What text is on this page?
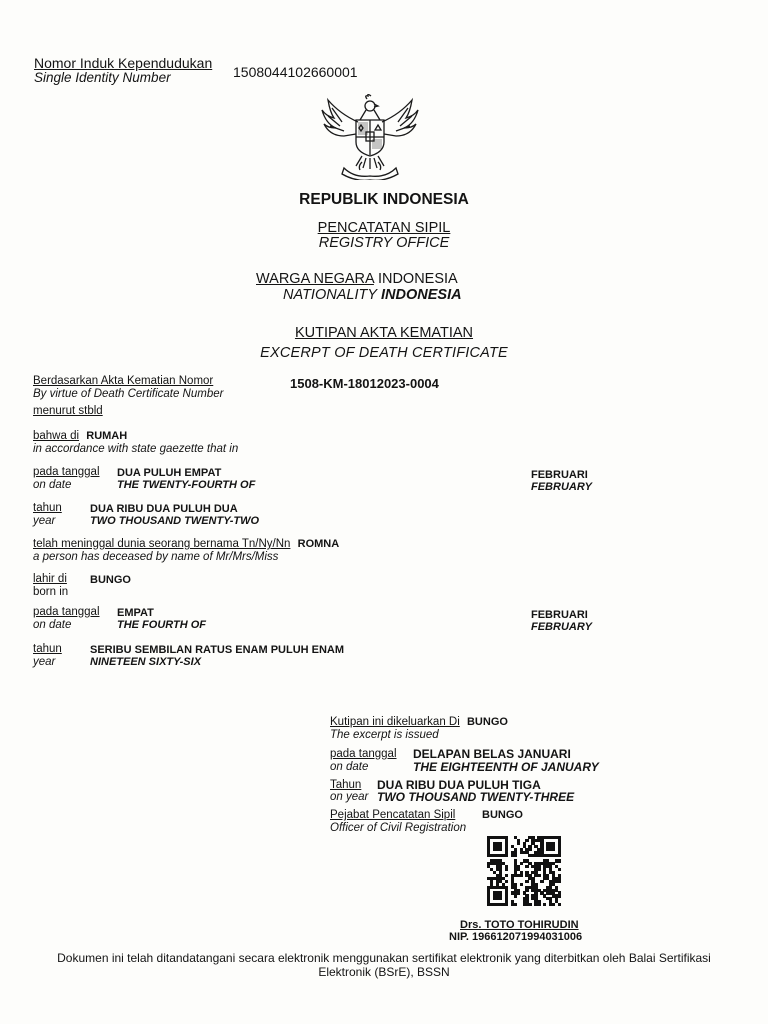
Nomor Induk Kependudukan
Single Identity Number	1508044102660001
REPUBLIK INDONESIA
PENCATATAN SIPIL
REGISTRY OFFICE
WARGA NEGARA INDONESIA
NATIONALITY INDONESIA
KUTIPAN AKTA KEMATIAN
EXCERPT OF DEATH CERTIFICATE
Berdasarkan Akta Kematian Nomor
By virtue of Death Certificate Number
1508-KM-18012023-0004
menurut stbld
bahwa di RUMAH
in accordance with state gaezette that in
pada tanggal
on date
DUA PULUH EMPAT
THE TWENTY-FOURTH OF
FEBRUARI
FEBRUARY
tahun
year
DUA RIBU DUA PULUH DUA
TWO THOUSAND TWENTY-TWO
telah meninggal dunia seorang bernama Tn/Ny/Nn ROMNA
a person has deceased by name of Mr/Mrs/Miss
lahir di
born in
BUNGO
pada tanggal
on date
EMPAT
THE FOURTH OF
FEBRUARI
FEBRUARY
tahun
year
SERIBU SEMBILAN RATUS ENAM PULUH ENAM
NINETEEN SIXTY-SIX
Kutipan ini dikeluarkan Di BUNGO
The excerpt is issued
pada tanggal
on date
DELAPAN BELAS JANUARI
THE EIGHTEENTH OF JANUARY
Tahun
on year
DUA RIBU DUA PULUH TIGA
TWO THOUSAND TWENTY-THREE
Pejabat Pencatatan Sipil BUNGO
Officer of Civil Registration
Drs. TOTO TOHIRUDIN
NIP. 196612071994031006
Dokumen ini telah ditandatangani secara elektronik menggunakan sertifikat elektronik yang diterbitkan oleh Balai Sertifikasi
Elektronik (BSrE), BSSN
